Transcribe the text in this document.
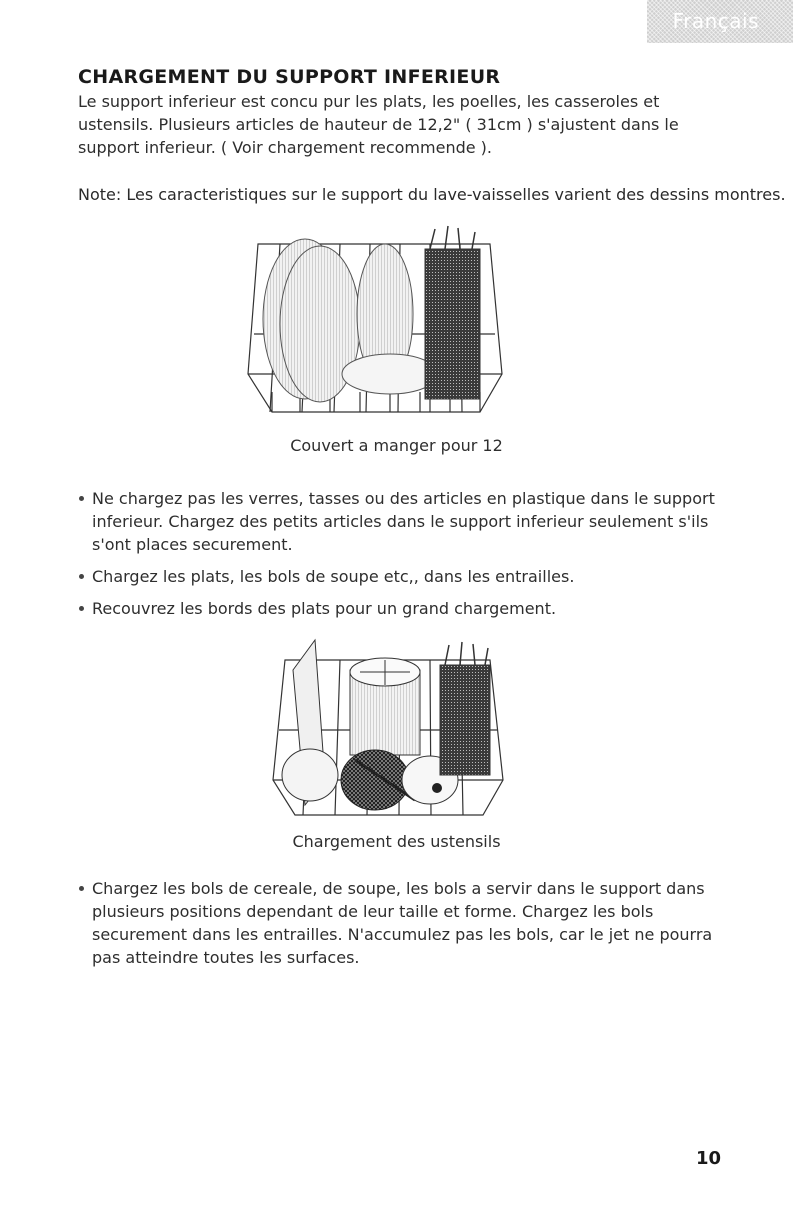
Français
CHARGEMENT DU SUPPORT INFERIEUR

Le support inferieur est concu pur les plats, les poelles, les casseroles et ustensils. Plusieurs articles de hauteur de 12,2" ( 31cm ) s'ajustent dans le support inferieur. ( Voir chargement recommende ).

Note: Les caracteristiques sur le support du lave-vaisselles varient des dessins montres.

Couvert a manger pour 12

Ne chargez pas les verres, tasses ou des articles en plastique dans le support inferieur. Chargez des petits articles dans le support inferieur seulement s'ils s'ont places securement.
Chargez les plats, les bols de soupe etc,, dans les entrailles.
Recouvrez les bords des plats pour un grand chargement.

Chargement des ustensils

Chargez les bols de cereale, de soupe, les bols a servir dans le support dans plusieurs positions dependant de leur taille et forme. Chargez les bols securement dans les entrailles. N'accumulez pas les bols, car le jet ne pourra pas atteindre toutes les surfaces.
10
